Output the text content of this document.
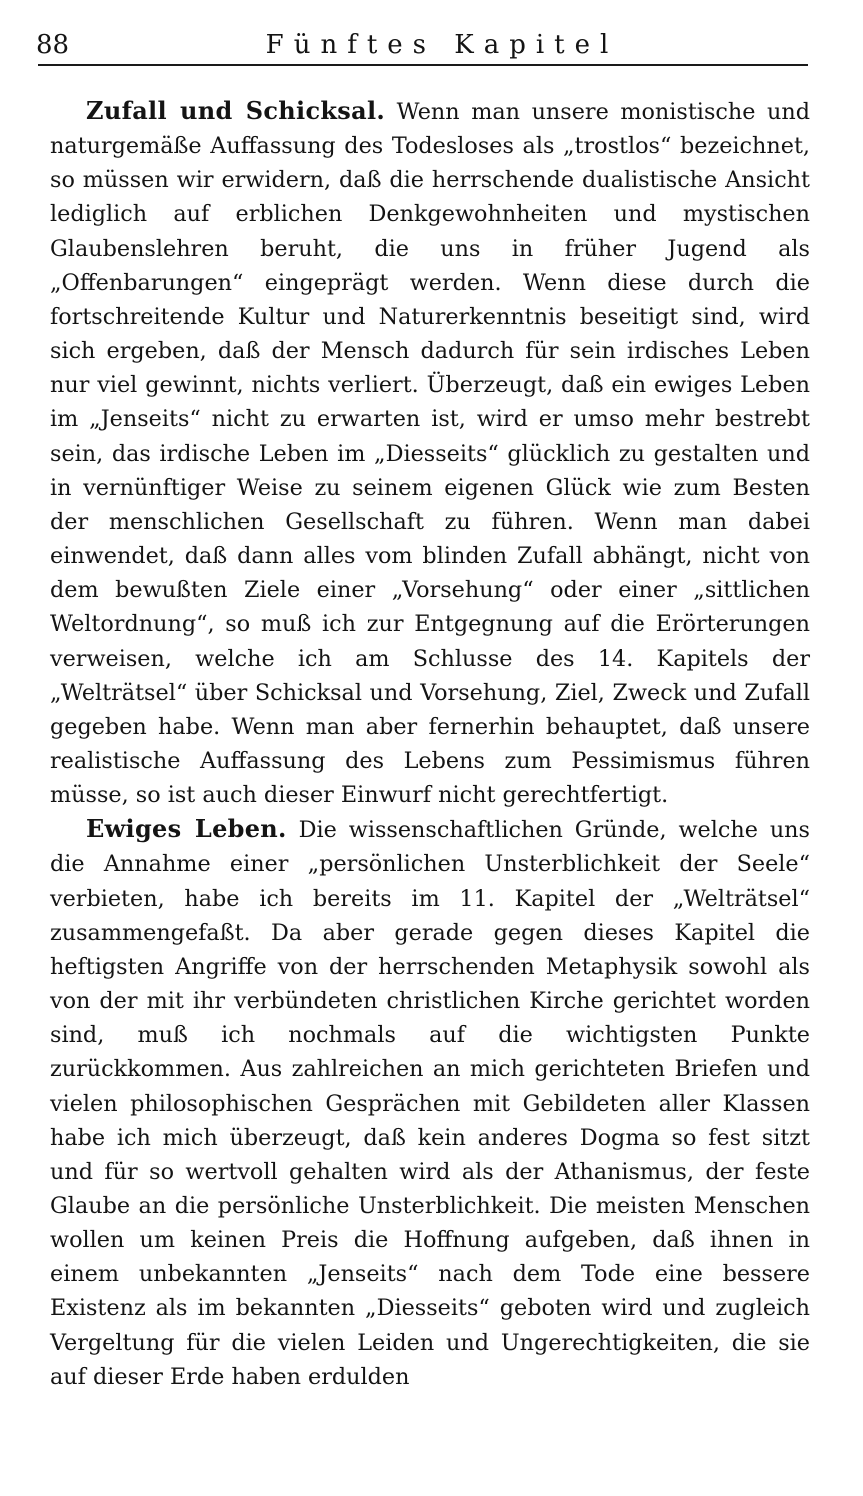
88	Fünftes Kapitel

Zufall und Schicksal. Wenn man unsere monistische und naturgemäße Auffassung des Todesloses als „trostlos“ bezeichnet, so müssen wir erwidern, daß die herrschende dualistische Ansicht lediglich auf erblichen Denkgewohnheiten und mystischen Glaubenslehren beruht, die uns in früher Jugend als „Offenbarungen“ eingeprägt werden. Wenn diese durch die fortschreitende Kultur und Naturerkenntnis beseitigt sind, wird sich ergeben, daß der Mensch dadurch für sein irdisches Leben nur viel gewinnt, nichts verliert. Überzeugt, daß ein ewiges Leben im „Jenseits“ nicht zu erwarten ist, wird er umso mehr bestrebt sein, das irdische Leben im „Diesseits“ glücklich zu gestalten und in vernünftiger Weise zu seinem eigenen Glück wie zum Besten der menschlichen Gesellschaft zu führen. Wenn man dabei einwendet, daß dann alles vom blinden Zufall abhängt, nicht von dem bewußten Ziele einer „Vorsehung“ oder einer „sittlichen Weltordnung“, so muß ich zur Entgegnung auf die Erörterungen verweisen, welche ich am Schlusse des 14. Kapitels der „Welträtsel“ über Schicksal und Vorsehung, Ziel, Zweck und Zufall gegeben habe. Wenn man aber fernerhin behauptet, daß unsere realistische Auffassung des Lebens zum Pessimismus führen müsse, so ist auch dieser Einwurf nicht gerechtfertigt.

Ewiges Leben. Die wissenschaftlichen Gründe, welche uns die Annahme einer „persönlichen Unsterblichkeit der Seele“ verbieten, habe ich bereits im 11. Kapitel der „Welträtsel“ zusammengefaßt. Da aber gerade gegen dieses Kapitel die heftigsten Angriffe von der herrschenden Metaphysik sowohl als von der mit ihr verbündeten christlichen Kirche gerichtet worden sind, muß ich nochmals auf die wichtigsten Punkte zurückkommen. Aus zahlreichen an mich gerichteten Briefen und vielen philosophischen Gesprächen mit Gebildeten aller Klassen habe ich mich überzeugt, daß kein anderes Dogma so fest sitzt und für so wertvoll gehalten wird als der Athanismus, der feste Glaube an die persönliche Unsterblichkeit. Die meisten Menschen wollen um keinen Preis die Hoffnung aufgeben, daß ihnen in einem unbekannten „Jenseits“ nach dem Tode eine bessere Existenz als im bekannten „Diesseits“ geboten wird und zugleich Vergeltung für die vielen Leiden und Ungerechtigkeiten, die sie auf dieser Erde haben erdulden
